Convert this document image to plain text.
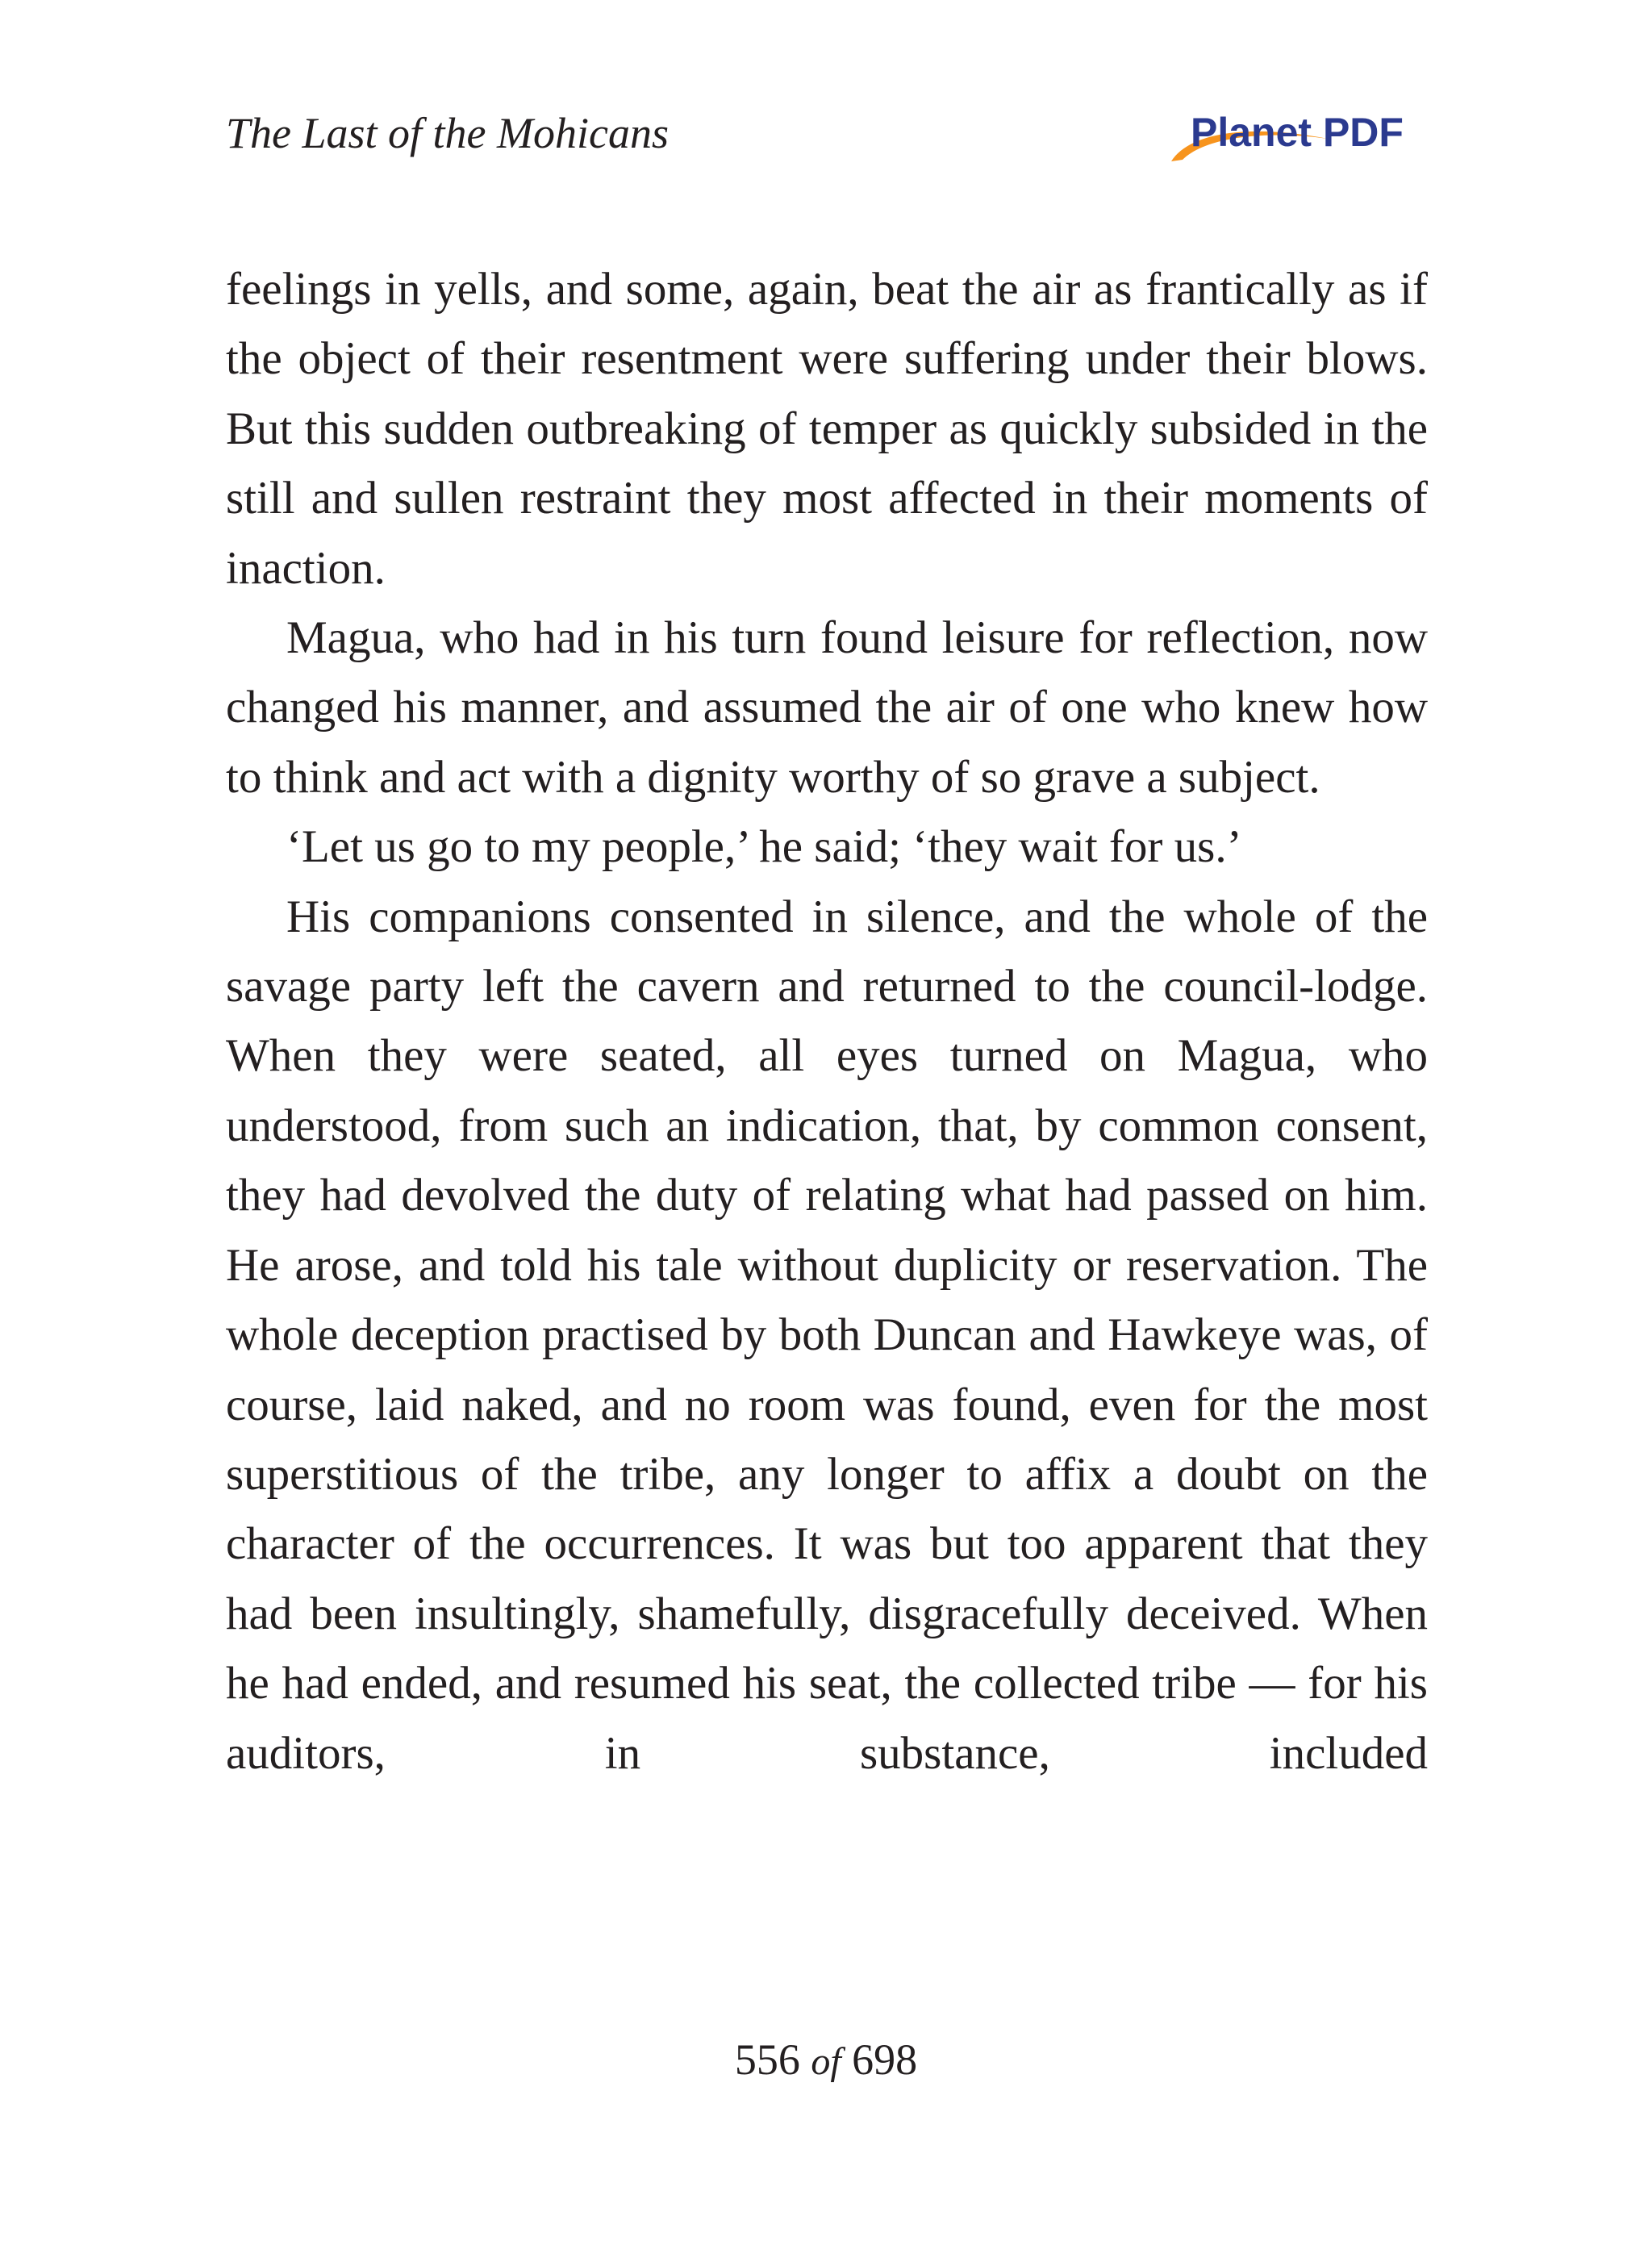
The Last of the Mohicans	Planet PDF

feelings in yells, and some, again, beat the air as frantically as if the object of their resentment were suffering under their blows. But this sudden outbreaking of temper as quickly subsided in the still and sullen restraint they most affected in their moments of inaction.

Magua, who had in his turn found leisure for reflection, now changed his manner, and assumed the air of one who knew how to think and act with a dignity worthy of so grave a subject.

‘Let us go to my people,’ he said; ‘they wait for us.’

His companions consented in silence, and the whole of the savage party left the cavern and returned to the council-lodge. When they were seated, all eyes turned on Magua, who understood, from such an indication, that, by common consent, they had devolved the duty of relating what had passed on him. He arose, and told his tale without duplicity or reservation. The whole deception practised by both Duncan and Hawkeye was, of course, laid naked, and no room was found, even for the most superstitious of the tribe, any longer to affix a doubt on the character of the occurrences. It was but too apparent that they had been insultingly, shamefully, disgracefully deceived. When he had ended, and resumed his seat, the collected tribe — for his auditors, in substance, included

556 of 698
